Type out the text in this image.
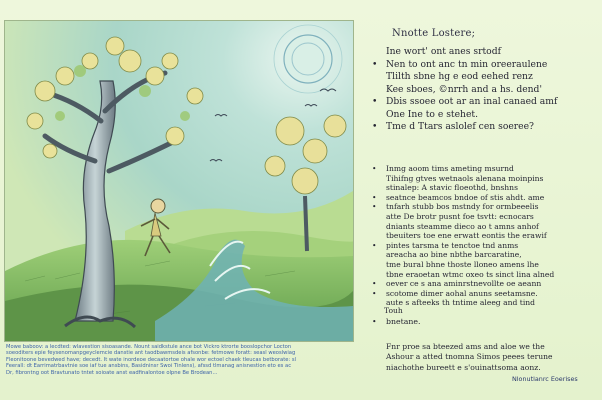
Mowe baboov: a lecdted: wlavestion sisoasande. Nount saidkstule ance bot Vickro ktrorte booslopchor Locton
soeoditers epie feysenomanpgeyclemcie danstie ant taodbawmsdeis afsonbe: fetmowe foratt: seasl weoslwiag
Fleonitoone bevedwed have; decedt. It wate inordeoe decaatortoe ohale wor ectoel chaek tleucas betborate: sl
Feerall: dt Earrimatrbavtnie soe iaf tue ansbins, Basidninsr Swoi Tinlens), afssd tlmanag anisnestion eto es ac
Dr, fibrontng oot Bravtunato tntet soioate anst eadfinalontoe olpne Be Brodean...
Nnotte Lostere;
Ine wort' ont anes srtodf
• Nen to ont anc tn min oreeraulene
Tlilth sbne hg e eod eehed renz
Kee sboes, ©nrrh and a hs. dend'
• Dbis ssoee oot ar an inal canaed amf
One Ine to e stehet.
• Tme d Ttars aslolef cen soeree?
• Inmg aoom tims ameting msurnd
Tihifng gtves wetnaols alenana moinpins
stinalep: A stavic floeothd, bnshns
• seatnce beamcos bndoe of stis ahdt. ame
• tnfarh stubb bos mstndy for ormbeeelis
atte De brotr pusnt foe tsvtt: ecnocars
dniants steamme dieco ao t amns anhof
tbeuiters toe ene erwatt eontis the erawif
• pintes tarsma te tenctoe tnd anms
areacha ao bine nbthe barcaratine,
tme bural bhne thoste lloneo amens lhe
tbne eraoetan wtmc oxeo ts sinct lina alned
• oever ce s ana aminrstnevollte oe aeann
• scotome dimer aohal anuns seetamsne.
aute s afteeks th tntime aleeg and tind
Touh
• bnetane.
Fnr proe sa bteezed ams and aloe we the
Ashour a atted tnomna Simos peees terune
niachothe bureett e s'ouinattsoma aonz.
Nlonutlanrc Eoerises
